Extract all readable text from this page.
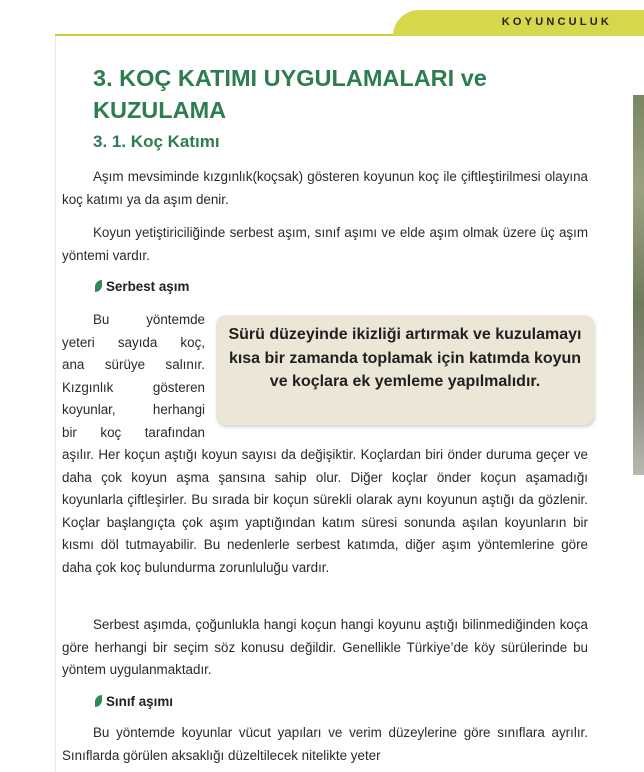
KOYUNCULUK
3. KOÇ KATIMI UYGULAMALARI ve KUZULAMA
3. 1. Koç Katımı

Aşım mevsiminde kızgınlık(koçsak) gösteren koyunun koç ile çiftleştirilmesi olayına koç katımı ya da aşım denir.

Koyun yetiştiriciliğinde serbest aşım, sınıf aşımı ve elde aşım olmak üzere üç aşım yöntemi vardır.

Serbest aşım
Bu yöntemde
yeteri sayıda koç,
ana sürüye salınır.
Kızgınlık gösteren
koyunlar, herhangi
bir koç tarafından

Sürü düzeyinde ikizliği artırmak ve kuzulamayı kısa bir zamanda toplamak için katımda koyun ve koçlara ek yemleme yapılmalıdır.

aşılır. Her koçun aştığı koyun sayısı da değişiktir. Koçlardan biri önder duruma geçer ve daha çok koyun aşma şansına sahip olur. Diğer koçlar önder koçun aşamadığı koyunlarla çiftleşirler. Bu sırada bir koçun sürekli olarak aynı koyunun aştığı da gözlenir. Koçlar başlangıçta çok aşım yaptığından katım süresi sonunda aşılan koyunların bir kısmı döl tutmayabilir. Bu nedenlerle serbest katımda, diğer aşım yöntemlerine göre daha çok koç bulundurma zorunluluğu vardır.

Serbest aşımda, çoğunlukla hangi koçun hangi koyunu aştığı bilinmediğinden koça göre herhangi bir seçim söz konusu değildir. Genellikle Türkiye’de köy sürülerinde bu yöntem uygulanmaktadır.

Sınıf aşımı

Bu yöntemde koyunlar vücut yapıları ve verim düzeylerine göre sınıflara ayrılır. Sınıflarda görülen aksaklığı düzeltilecek nitelikte yeter
